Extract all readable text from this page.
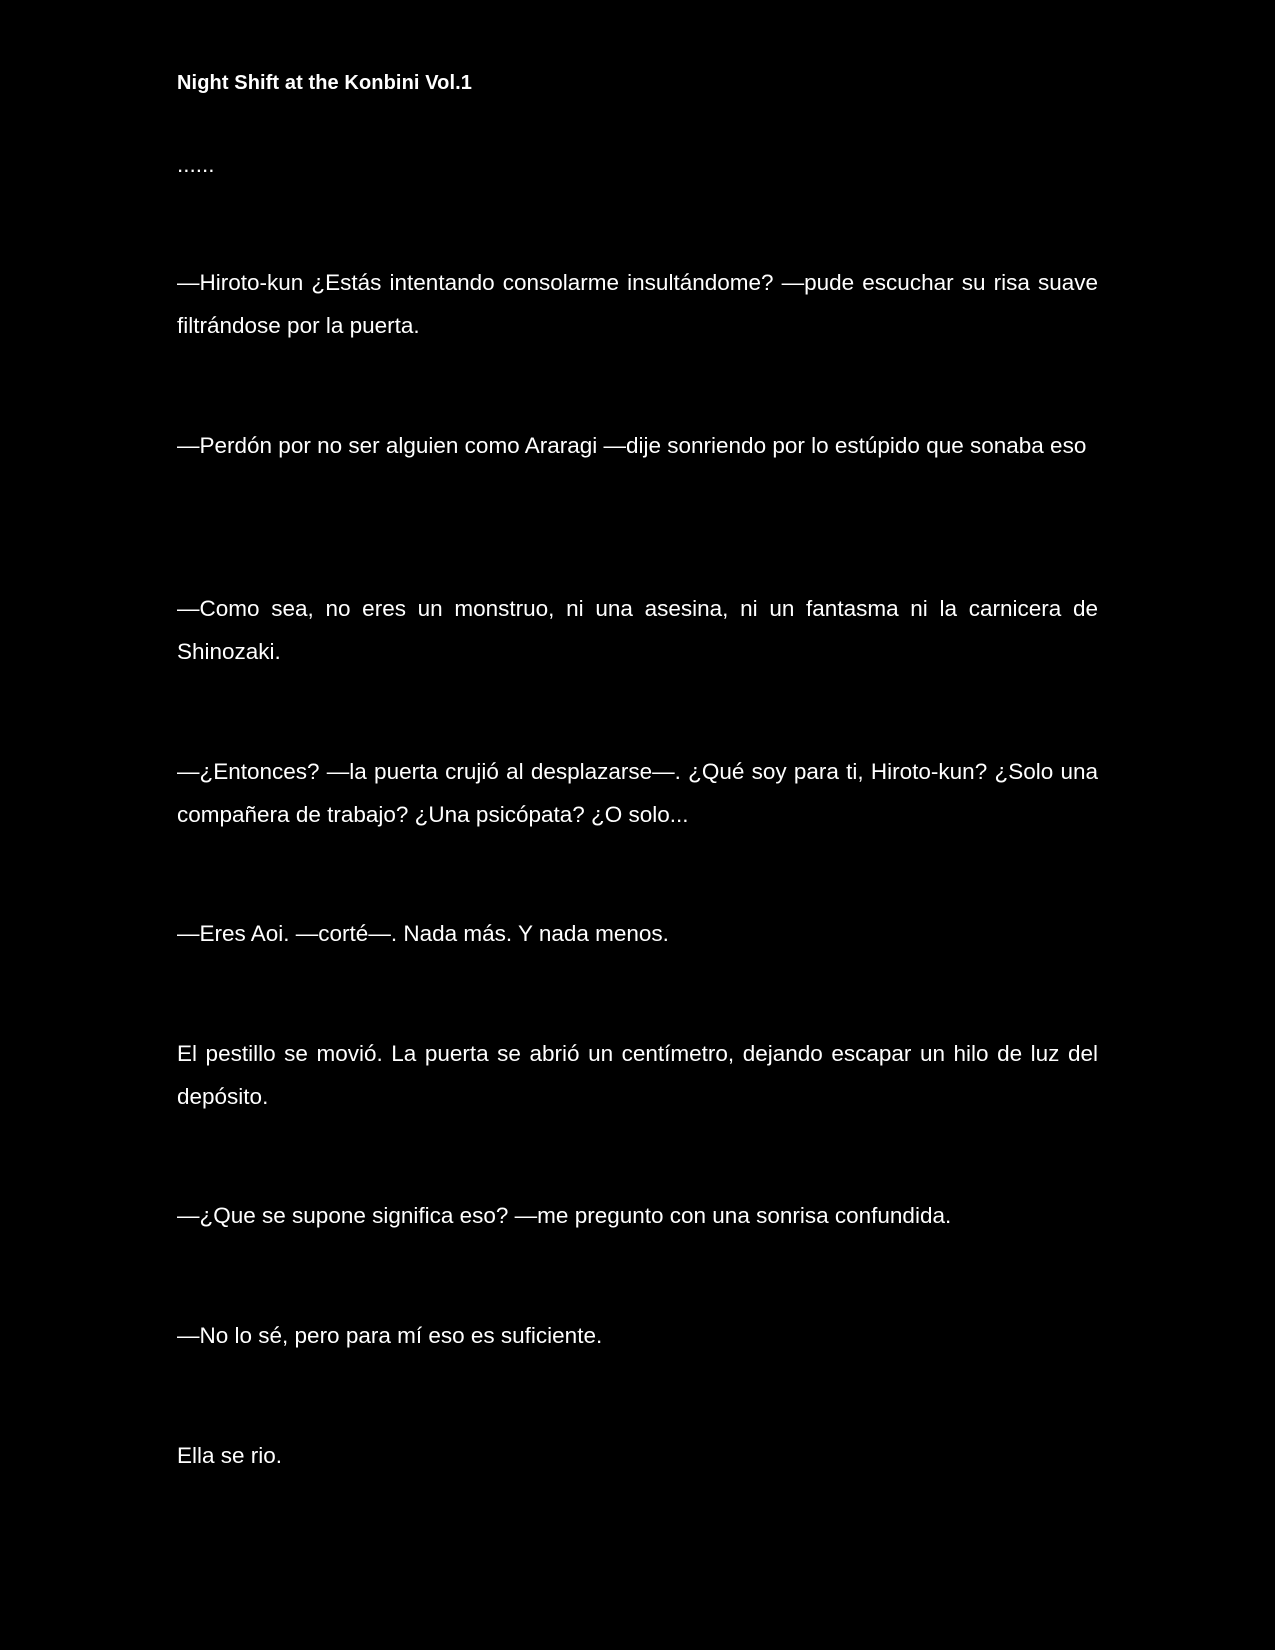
Night Shift at the Konbini Vol.1

......

—Hiroto-kun ¿Estás intentando consolarme insultándome? —pude escuchar su risa suave filtrándose por la puerta.

—Perdón por no ser alguien como Araragi —dije sonriendo por lo estúpido que sonaba eso

—Como sea, no eres un monstruo, ni una asesina, ni un fantasma ni la carnicera de Shinozaki.

—¿Entonces? —la puerta crujió al desplazarse—. ¿Qué soy para ti, Hiroto-kun? ¿Solo una compañera de trabajo? ¿Una psicópata? ¿O solo...

—Eres Aoi. —corté—. Nada más. Y nada menos.

El pestillo se movió. La puerta se abrió un centímetro, dejando escapar un hilo de luz del depósito.

—¿Que se supone significa eso? —me pregunto con una sonrisa confundida.

—No lo sé, pero para mí eso es suficiente.

Ella se rio.
